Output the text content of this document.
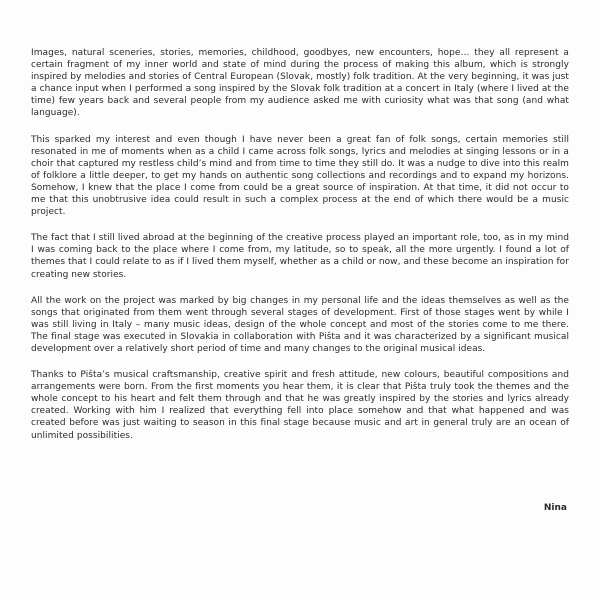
Images, natural sceneries, stories, memories, childhood, goodbyes, new encounters, hope… they all represent a certain fragment of my inner world and state of mind during the process of making this album, which is strongly inspired by melodies and stories of Central European (Slovak, mostly) folk tradition. At the very beginning, it was just a chance input when I performed a song inspired by the Slovak folk tradition at a concert in Italy (where I lived at the time) few years back and several people from my audience asked me with curiosity what was that song (and what language).

This sparked my interest and even though I have never been a great fan of folk songs, certain memories still resonated in me of moments when as a child I came across folk songs, lyrics and melodies at singing lessons or in a choir that captured my restless child’s mind and from time to time they still do. It was a nudge to dive into this realm of folklore a little deeper, to get my hands on authentic song collections and recordings and to expand my horizons. Somehow, I knew that the place I come from could be a great source of inspiration. At that time, it did not occur to me that this unobtrusive idea could result in such a complex process at the end of which there would be a music project.

The fact that I still lived abroad at the beginning of the creative process played an important role, too, as in my mind I was coming back to the place where I come from, my latitude, so to speak, all the more urgently. I found a lot of themes that I could relate to as if I lived them myself, whether as a child or now, and these become an inspiration for creating new stories.

All the work on the project was marked by big changes in my personal life and the ideas themselves as well as the songs that originated from them went through several stages of development. First of those stages went by while I was still living in Italy – many music ideas, design of the whole concept and most of the stories come to me there. The final stage was executed in Slovakia in collaboration with Pišta and it was characterized by a significant musical development over a relatively short period of time and many changes to the original musical ideas.

Thanks to Pišta’s musical craftsmanship, creative spirit and fresh attitude, new colours, beautiful compositions and arrangements were born. From the first moments you hear them, it is clear that Pišta truly took the themes and the whole concept to his heart and felt them through and that he was greatly inspired by the stories and lyrics already created. Working with him I realized that everything fell into place somehow and that what happened and was created before was just waiting to season in this final stage because music and art in general truly are an ocean of unlimited possibilities.

Nina
